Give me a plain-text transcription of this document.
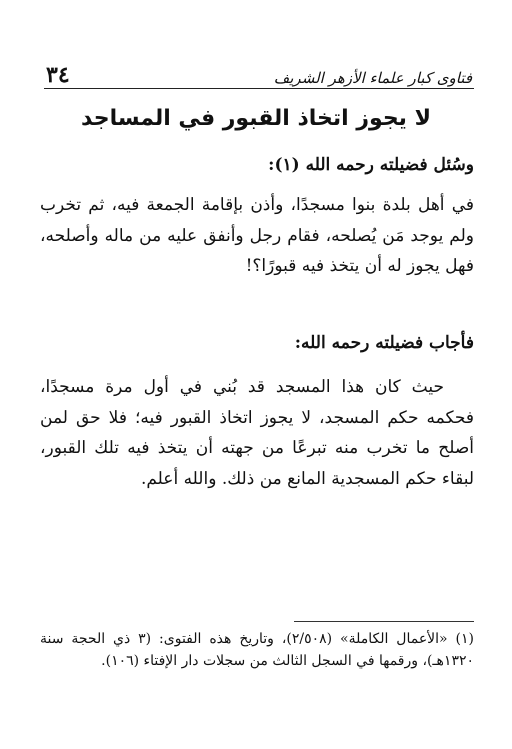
فتاوى كبار علماء الأزهر الشريف
٣٤
لا يجوز اتخاذ القبور في المساجد
وسُئل فضيلته رحمه الله (١):
في أهل بلدة بنوا مسجدًا، وأذن بإقامة الجمعة فيه، ثم تخرب ولم يوجد مَن يُصلحه، فقام رجل وأنفق عليه من ماله وأصلحه، فهل يجوز له أن يتخذ فيه قبورًا؟!
فأجاب فضيلته رحمه الله:
حيث كان هذا المسجد قد بُني في أول مرة مسجدًا، فحكمه حكم المسجد، لا يجوز اتخاذ القبور فيه؛ فلا حق لمن أصلح ما تخرب منه تبرعًا من جهته أن يتخذ فيه تلك القبور، لبقاء حكم المسجدية المانع من ذلك. والله أعلم.
(١) «الأعمال الكاملة» (٢/٥٠٨)، وتاريخ هذه الفتوى: (٣ ذي الحجة سنة ١٣٢٠هـ)، ورقمها في السجل الثالث من سجلات دار الإفتاء (١٠٦).
